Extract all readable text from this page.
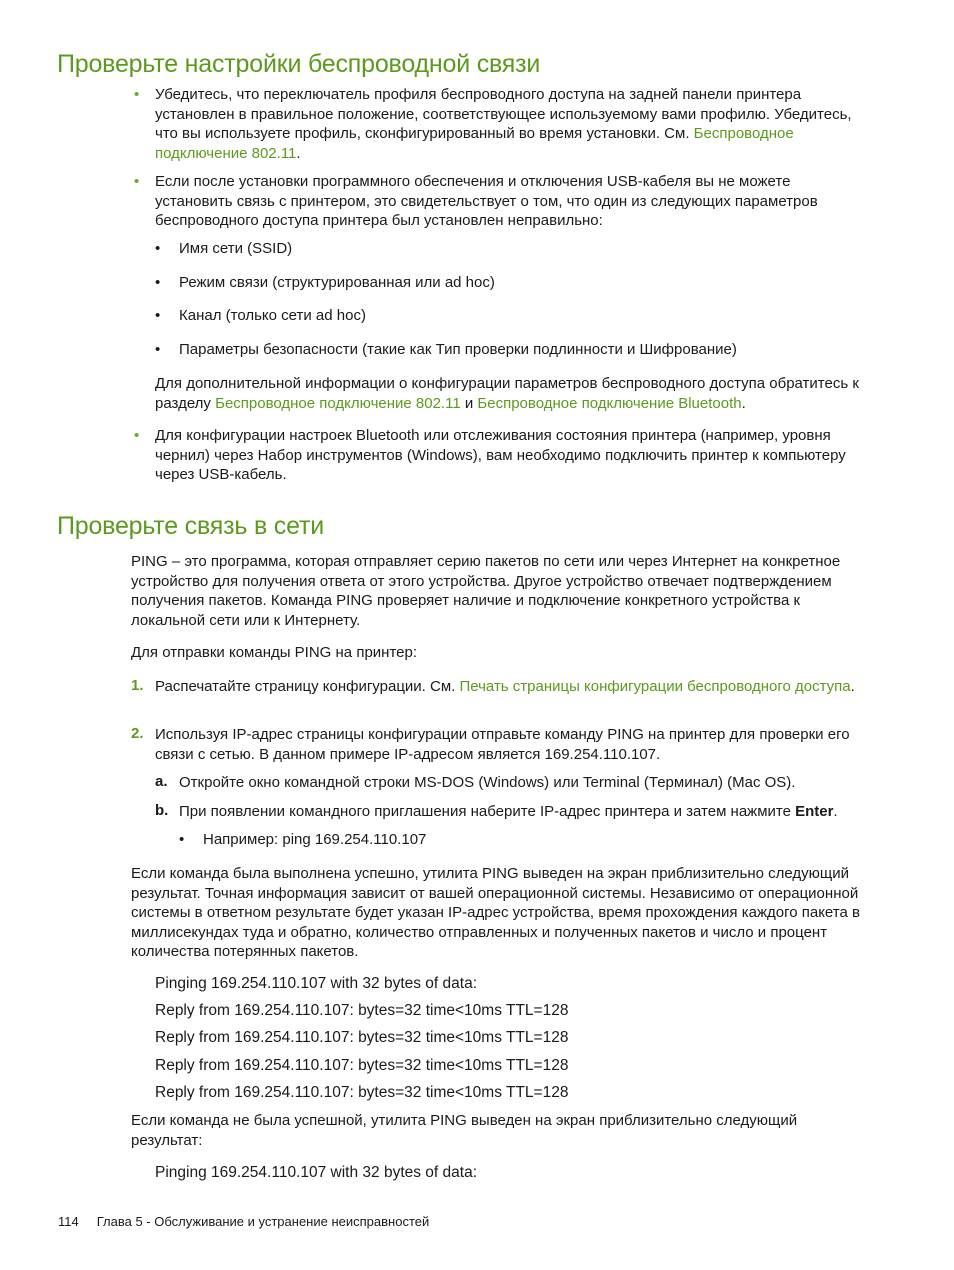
Проверьте настройки беспроводной связи
• Убедитесь, что переключатель профиля беспроводного доступа на задней панели принтера установлен в правильное положение, соответствующее используемому вами профилю. Убедитесь, что вы используете профиль, сконфигурированный во время установки. См. Беспроводное подключение 802.11.
• Если после установки программного обеспечения и отключения USB-кабеля вы не можете установить связь с принтером, это свидетельствует о том, что один из следующих параметров беспроводного доступа принтера был установлен неправильно:
• Имя сети (SSID)
• Режим связи (структурированная или ad hoc)
• Канал (только сети ad hoc)
• Параметры безопасности (такие как Тип проверки подлинности и Шифрование)
Для дополнительной информации о конфигурации параметров беспроводного доступа обратитесь к разделу Беспроводное подключение 802.11 и Беспроводное подключение Bluetooth.
• Для конфигурации настроек Bluetooth или отслеживания состояния принтера (например, уровня чернил) через Набор инструментов (Windows), вам необходимо подключить принтер к компьютеру через USB-кабель.
Проверьте связь в сети
PING – это программа, которая отправляет серию пакетов по сети или через Интернет на конкретное устройство для получения ответа от этого устройства. Другое устройство отвечает подтверждением получения пакетов. Команда PING проверяет наличие и подключение конкретного устройства к локальной сети или к Интернету.
Для отправки команды PING на принтер:
1. Распечатайте страницу конфигурации. См. Печать страницы конфигурации беспроводного доступа.
2. Используя IP-адрес страницы конфигурации отправьте команду PING на принтер для проверки его связи с сетью. В данном примере IP-адресом является 169.254.110.107.
a. Откройте окно командной строки MS-DOS (Windows) или Terminal (Терминал) (Mac OS).
b. При появлении командного приглашения наберите IP-адрес принтера и затем нажмите Enter.
• Например: ping 169.254.110.107
Если команда была выполнена успешно, утилита PING выведен на экран приблизительно следующий результат. Точная информация зависит от вашей операционной системы. Независимо от операционной системы в ответном результате будет указан IP-адрес устройства, время прохождения каждого пакета в миллисекундах туда и обратно, количество отправленных и полученных пакетов и число и процент количества потерянных пакетов.
Pinging 169.254.110.107 with 32 bytes of data:
Reply from 169.254.110.107: bytes=32 time<10ms TTL=128
Reply from 169.254.110.107: bytes=32 time<10ms TTL=128
Reply from 169.254.110.107: bytes=32 time<10ms TTL=128
Reply from 169.254.110.107: bytes=32 time<10ms TTL=128
Если команда не была успешной, утилита PING выведен на экран приблизительно следующий результат:
Pinging 169.254.110.107 with 32 bytes of data:
114 Глава 5 - Обслуживание и устранение неисправностей
